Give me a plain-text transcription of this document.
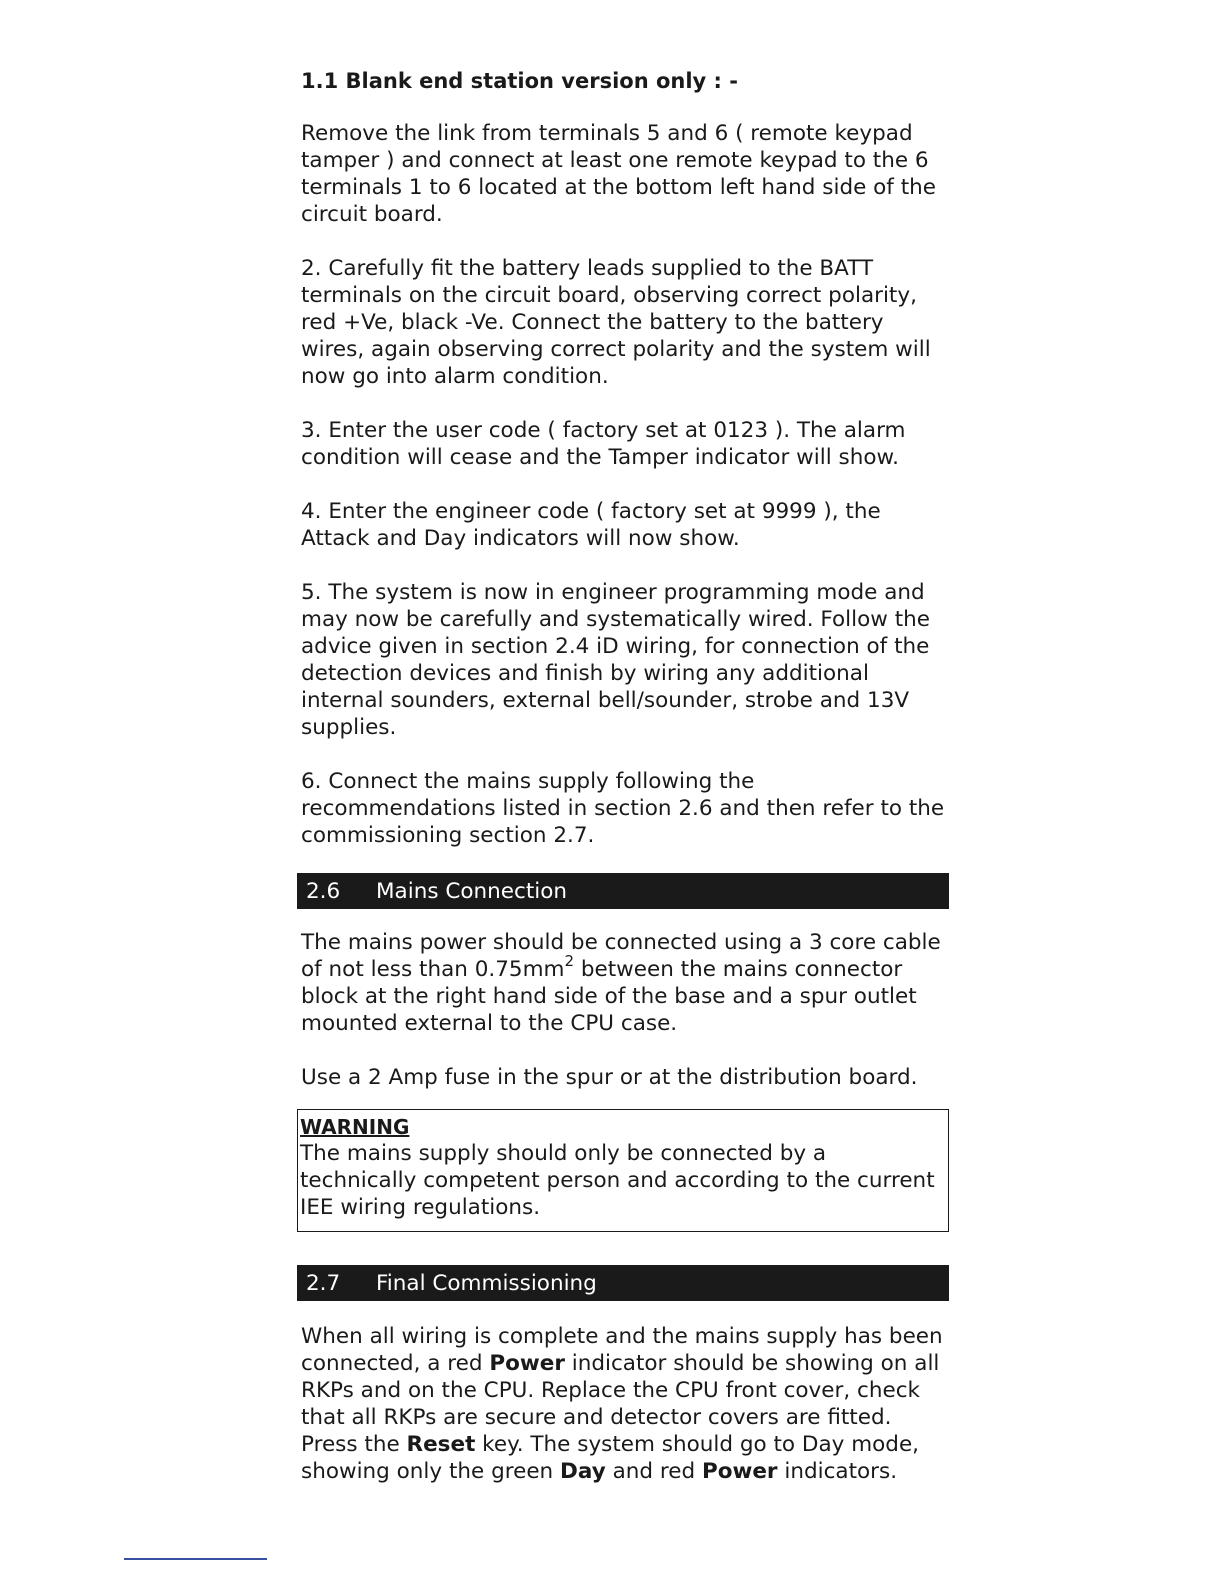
1.1 Blank end station version only : -

Remove the link from terminals 5 and 6 ( remote keypad tamper ) and connect at least one remote keypad to the 6 terminals 1 to 6 located at the bottom left hand side of the circuit board.

2. Carefully fit the battery leads supplied to the BATT terminals on the circuit board, observing correct polarity, red +Ve, black -Ve. Connect the battery to the battery wires, again observing correct polarity and the system will now go into alarm condition.

3. Enter the user code ( factory set at 0123 ). The alarm condition will cease and the Tamper indicator will show.

4. Enter the engineer code ( factory set at 9999 ), the Attack and Day indicators will now show.

5. The system is now in engineer programming mode and may now be carefully and systematically wired. Follow the advice given in section 2.4 iD wiring, for connection of the detection devices and finish by wiring any additional internal sounders, external bell/sounder, strobe and 13V supplies.

6. Connect the mains supply following the recommendations listed in section 2.6 and then refer to the commissioning section 2.7.

2.6	Mains Connection

The mains power should be connected using a 3 core cable of not less than $0.75mm^2$ between the mains connector block at the right hand side of the base and a spur outlet mounted external to the CPU case.

Use a 2 Amp fuse in the spur or at the distribution board.

WARNING

The mains supply should only be connected by a technically competent person and according to the current IEE wiring regulations.

2.7	Final Commissioning

When all wiring is complete and the mains supply has been connected, a red Power indicator should be showing on all RKPs and on the CPU. Replace the CPU front cover, check that all RKPs are secure and detector covers are fitted. Press the Reset key. The system should go to Day mode, showing only the green Day and red Power indicators.
